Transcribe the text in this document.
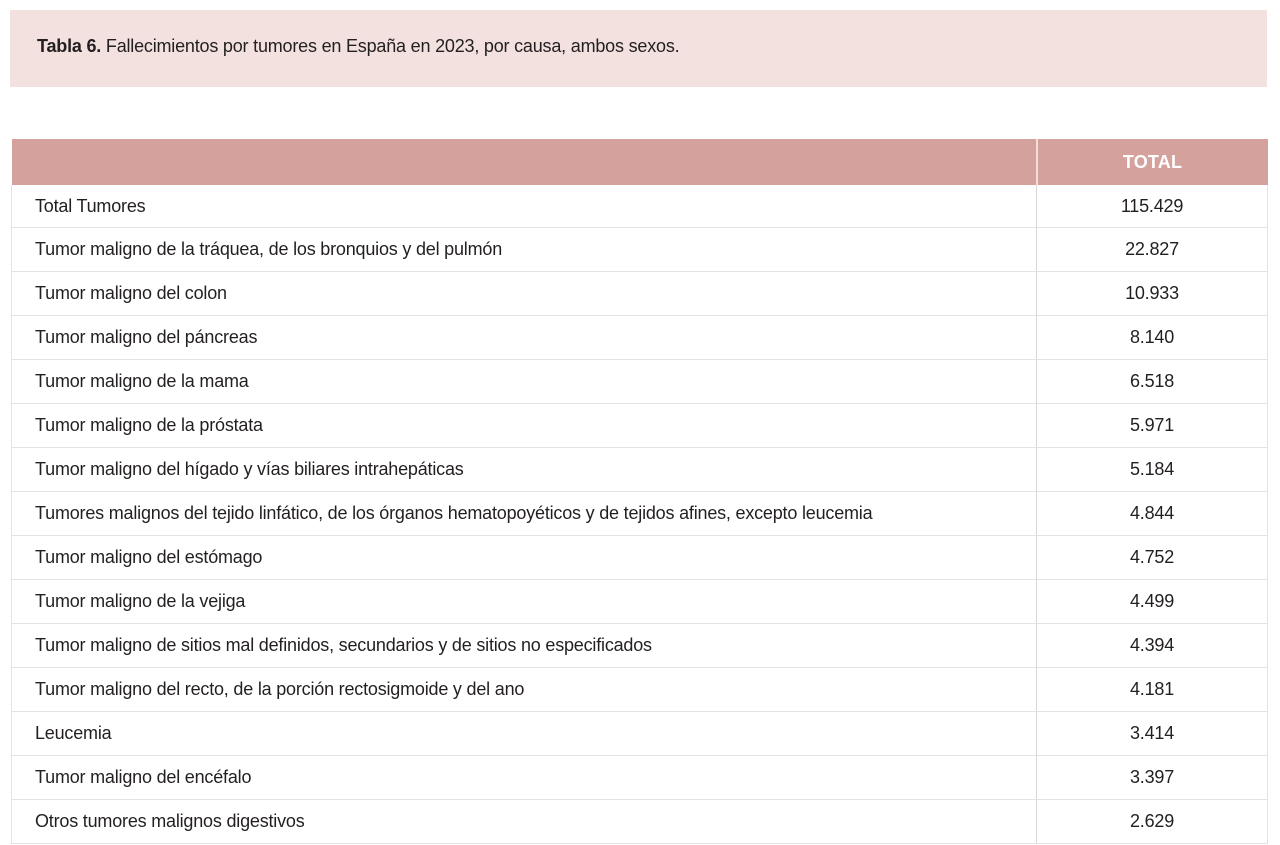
Tabla 6. Fallecimientos por tumores en España en 2023, por causa, ambos sexos.
	TOTAL
Total Tumores	115.429
Tumor maligno de la tráquea, de los bronquios y del pulmón	22.827
Tumor maligno del colon	10.933
Tumor maligno del páncreas	8.140
Tumor maligno de la mama	6.518
Tumor maligno de la próstata	5.971
Tumor maligno del hígado y vías biliares intrahepáticas	5.184
Tumores malignos del tejido linfático, de los órganos hematopoyéticos y de tejidos afines, excepto leucemia	4.844
Tumor maligno del estómago	4.752
Tumor maligno de la vejiga	4.499
Tumor maligno de sitios mal definidos, secundarios y de sitios no especificados	4.394
Tumor maligno del recto, de la porción rectosigmoide y del ano	4.181
Leucemia	3.414
Tumor maligno del encéfalo	3.397
Otros tumores malignos digestivos	2.629
